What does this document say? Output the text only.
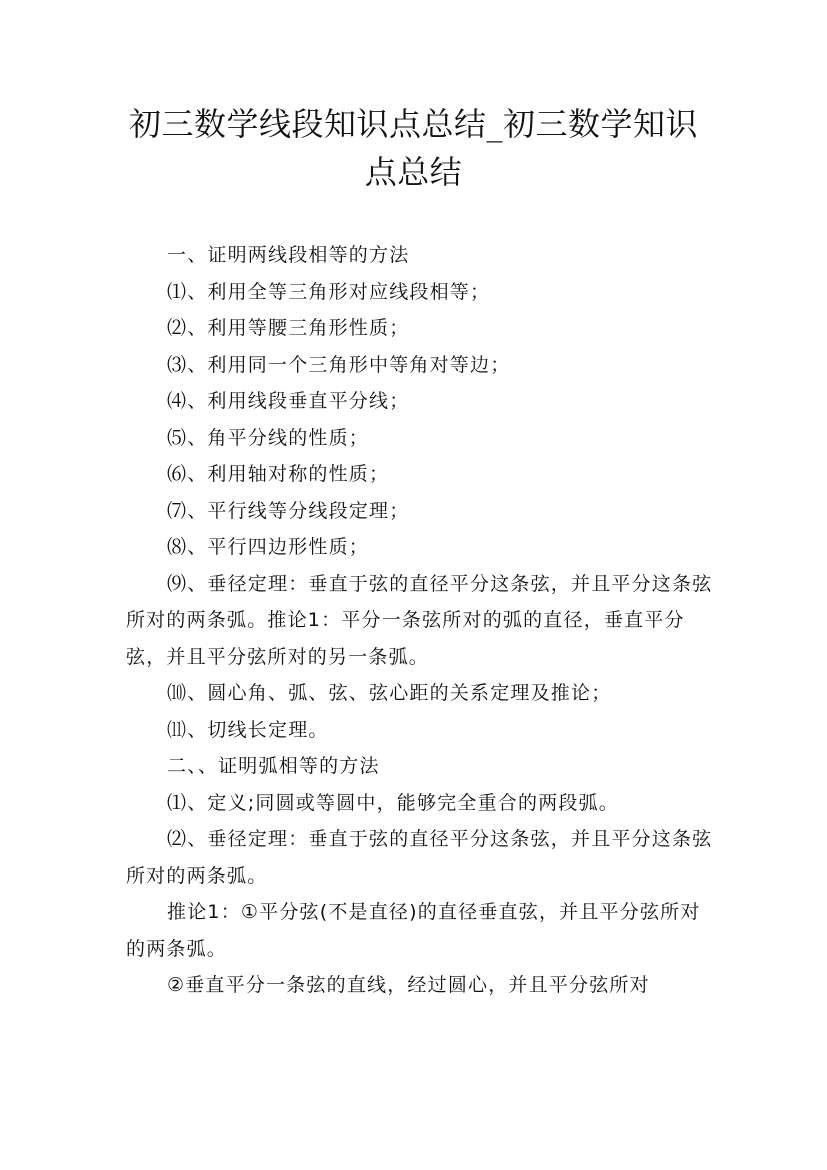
初三数学线段知识点总结_初三数学知识点总结

一、证明两线段相等的方法

⑴、利用全等三角形对应线段相等；

⑵、利用等腰三角形性质；

⑶、利用同一个三角形中等角对等边；

⑷、利用线段垂直平分线；

⑸、角平分线的性质；

⑹、利用轴对称的性质；

⑺、平行线等分线段定理；

⑻、平行四边形性质；

⑼、垂径定理：垂直于弦的直径平分这条弦，并且平分这条弦所对的两条弧。推论1：平分一条弦所对的弧的直径，垂直平分弦，并且平分弦所对的另一条弧。

⑽、圆心角、弧、弦、弦心距的关系定理及推论；

⑾、切线长定理。

二、、证明弧相等的方法

⑴、定义;同圆或等圆中，能够完全重合的两段弧。

⑵、垂径定理：垂直于弦的直径平分这条弦，并且平分这条弦所对的两条弧。

推论1：①平分弦(不是直径)的直径垂直弦，并且平分弦所对的两条弧。

②垂直平分一条弦的直线，经过圆心，并且平分弦所对
